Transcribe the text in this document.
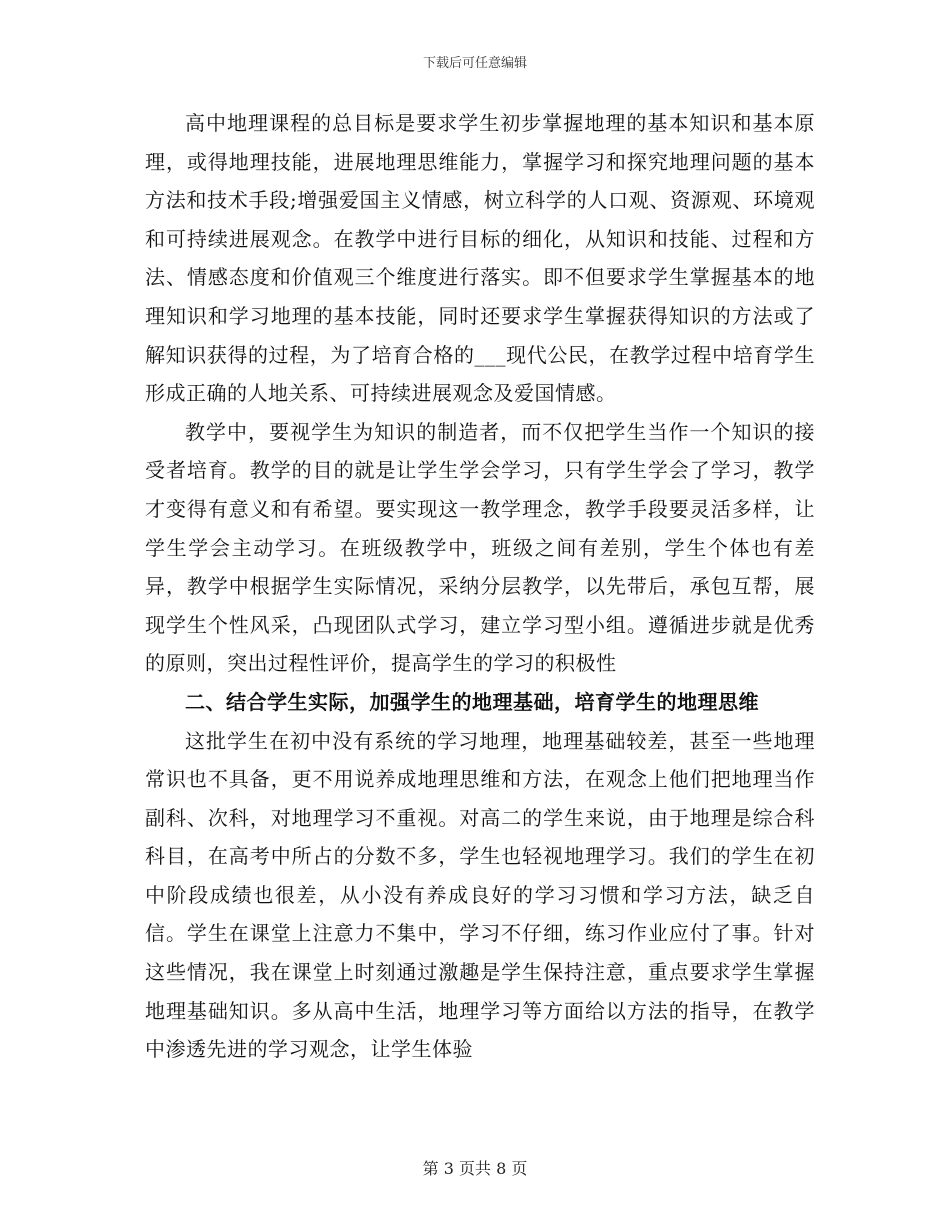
下载后可任意编辑

高中地理课程的总目标是要求学生初步掌握地理的基本知识和基本原理，或得地理技能，进展地理思维能力，掌握学习和探究地理问题的基本方法和技术手段;增强爱国主义情感，树立科学的人口观、资源观、环境观和可持续进展观念。在教学中进行目标的细化，从知识和技能、过程和方法、情感态度和价值观三个维度进行落实。即不但要求学生掌握基本的地理知识和学习地理的基本技能，同时还要求学生掌握获得知识的方法或了解知识获得的过程，为了培育合格的___现代公民，在教学过程中培育学生形成正确的人地关系、可持续进展观念及爱国情感。

教学中，要视学生为知识的制造者，而不仅把学生当作一个知识的接受者培育。教学的目的就是让学生学会学习，只有学生学会了学习，教学才变得有意义和有希望。要实现这一教学理念，教学手段要灵活多样，让学生学会主动学习。在班级教学中，班级之间有差别，学生个体也有差异，教学中根据学生实际情况，采纳分层教学，以先带后，承包互帮，展现学生个性风采，凸现团队式学习，建立学习型小组。遵循进步就是优秀的原则，突出过程性评价，提高学生的学习的积极性

二、结合学生实际，加强学生的地理基础，培育学生的地理思维

这批学生在初中没有系统的学习地理，地理基础较差，甚至一些地理常识也不具备，更不用说养成地理思维和方法，在观念上他们把地理当作副科、次科，对地理学习不重视。对高二的学生来说，由于地理是综合科科目，在高考中所占的分数不多，学生也轻视地理学习。我们的学生在初中阶段成绩也很差，从小没有养成良好的学习习惯和学习方法，缺乏自信。学生在课堂上注意力不集中，学习不仔细，练习作业应付了事。针对这些情况，我在课堂上时刻通过激趣是学生保持注意，重点要求学生掌握地理基础知识。多从高中生活，地理学习等方面给以方法的指导，在教学中渗透先进的学习观念，让学生体验

第 3 页共 8 页
